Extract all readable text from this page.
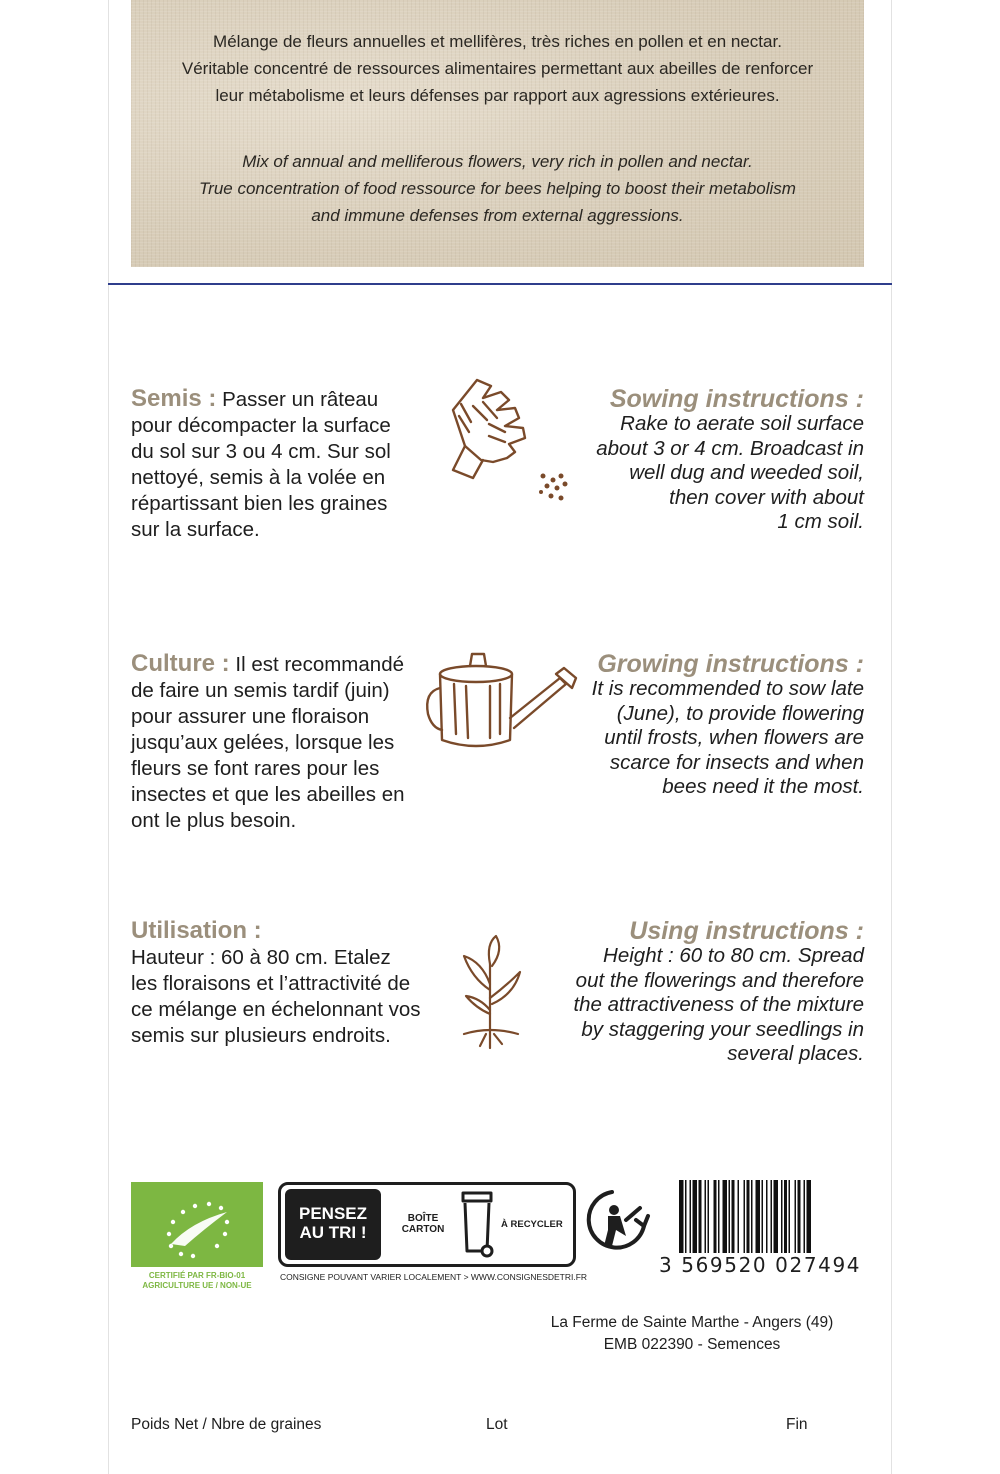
Mélange de fleurs annuelles et mellifères, très riches en pollen et en nectar.
Véritable concentré de ressources alimentaires permettant aux abeilles de renforcer
leur métabolisme et leurs défenses par rapport aux agressions extérieures.
Mix of annual and melliferous flowers, very rich in pollen and nectar.
True concentration of food ressource for bees helping to boost their metabolism
and immune defenses from external aggressions.
Semis : Passer un râteau
pour décompacter la surface
du sol sur 3 ou 4 cm. Sur sol
nettoyé, semis à la volée en
répartissant bien les graines
sur la surface.
Sowing instructions :
Rake to aerate soil surface
about 3 or 4 cm. Broadcast in
well dug and weeded soil,
then cover with about
1 cm soil.
Culture : Il est recommandé
de faire un semis tardif (juin)
pour assurer une floraison
jusqu’aux gelées, lorsque les
fleurs se font rares pour les
insectes et que les abeilles en
ont le plus besoin.
Growing instructions :
It is recommended to sow late
(June), to provide flowering
until frosts, when flowers are
scarce for insects and when
bees need it the most.
Utilisation :
Hauteur : 60 à 80 cm. Etalez
les floraisons et l’attractivité de
ce mélange en échelonnant vos
semis sur plusieurs endroits.
Using instructions :
Height : 60 to 80 cm. Spread
out the flowerings and therefore
the attractiveness of the mixture
by staggering your seedlings in
several places.
CERTIFIÉ PAR FR-BIO-01
AGRICULTURE UE / NON-UE
PENSEZ
AU TRI !
BOÎTE
CARTON	À RECYCLER
CONSIGNE POUVANT VARIER LOCALEMENT > WWW.CONSIGNESDETRI.FR	3 569520 027494
La Ferme de Sainte Marthe - Angers (49)
EMB 022390 - Semences
Poids Net / Nbre de graines	Lot	Fin
